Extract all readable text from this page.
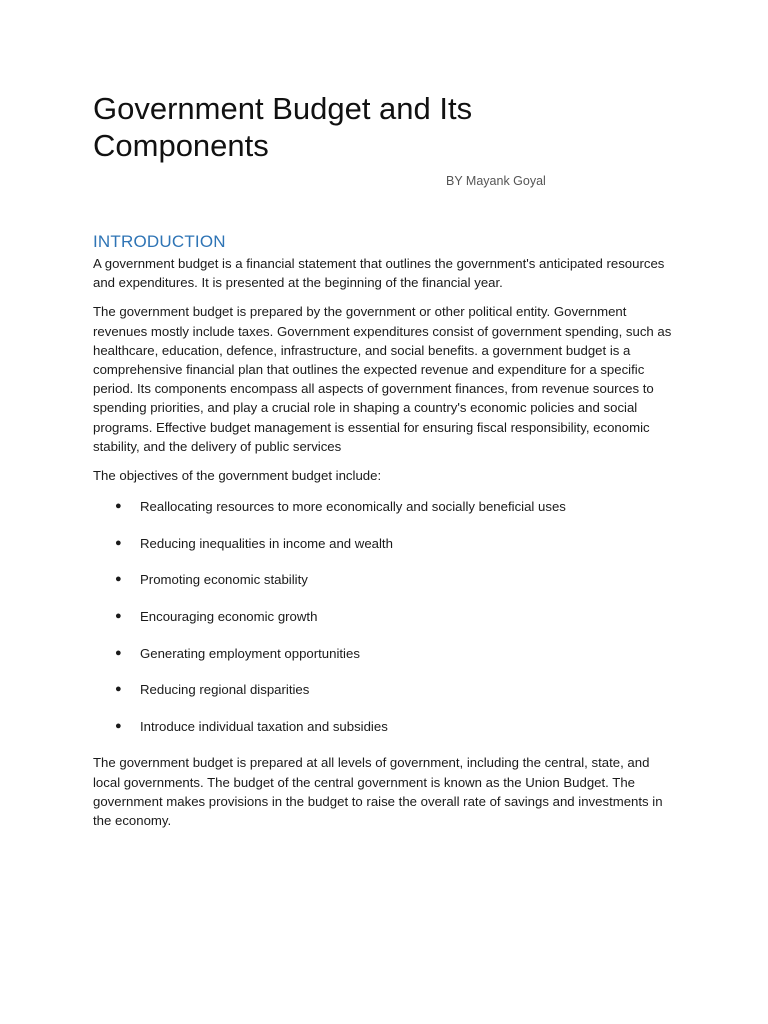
Government Budget and Its Components
BY Mayank Goyal
INTRODUCTION

A government budget is a financial statement that outlines the government's anticipated resources and expenditures. It is presented at the beginning of the financial year.

The government budget is prepared by the government or other political entity. Government revenues mostly include taxes. Government expenditures consist of government spending, such as healthcare, education, defence, infrastructure, and social benefits. a government budget is a comprehensive financial plan that outlines the expected revenue and expenditure for a specific period. Its components encompass all aspects of government finances, from revenue sources to spending priorities, and play a crucial role in shaping a country's economic policies and social programs. Effective budget management is essential for ensuring fiscal responsibility, economic stability, and the delivery of public services

The objectives of the government budget include:

● Reallocating resources to more economically and socially beneficial uses
● Reducing inequalities in income and wealth
● Promoting economic stability
● Encouraging economic growth
● Generating employment opportunities
● Reducing regional disparities
● Introduce individual taxation and subsidies

The government budget is prepared at all levels of government, including the central, state, and local governments. The budget of the central government is known as the Union Budget. The government makes provisions in the budget to raise the overall rate of savings and investments in the economy.
